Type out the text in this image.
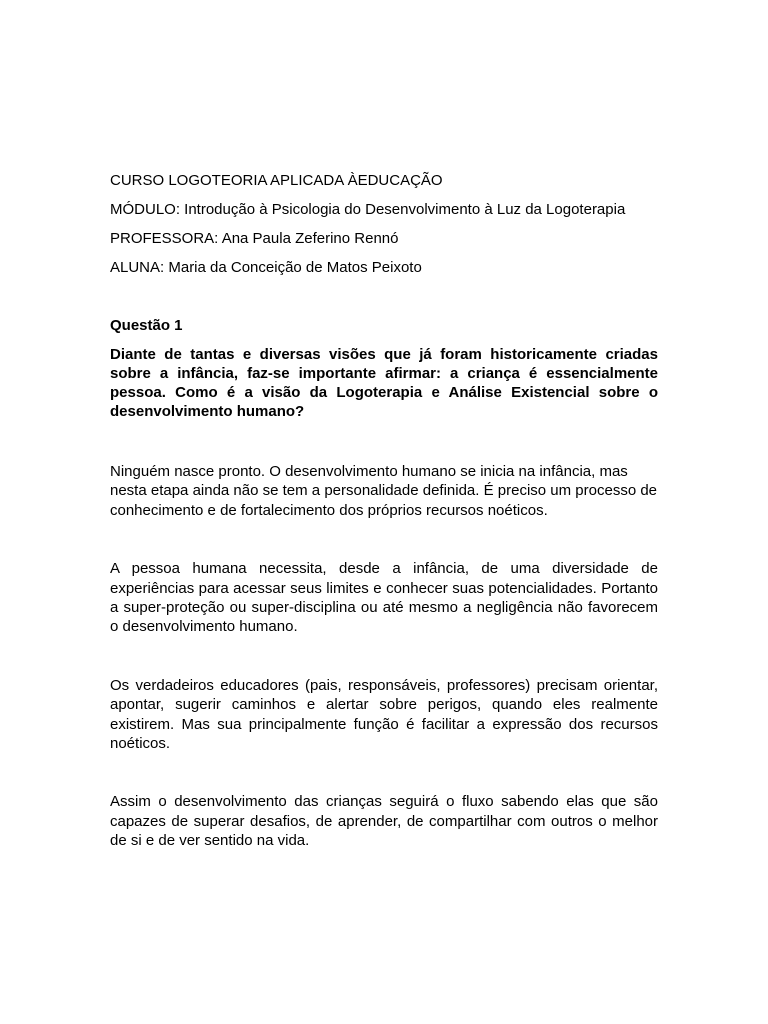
CURSO LOGOTEORIA APLICADA ÀEDUCAÇÃO
MÓDULO: Introdução à Psicologia do Desenvolvimento à Luz da Logoterapia
PROFESSORA: Ana Paula Zeferino Rennó
ALUNA: Maria da Conceição de Matos Peixoto
Questão 1
Diante de tantas e diversas visões que já foram historicamente criadas sobre a infância, faz-se importante afirmar: a criança é essencialmente pessoa. Como é a visão da Logoterapia e Análise Existencial sobre o desenvolvimento humano?

Ninguém nasce pronto. O desenvolvimento humano se inicia na infância, mas nesta etapa ainda não se tem a personalidade definida. É preciso um processo de conhecimento e de fortalecimento dos próprios recursos noéticos.

A pessoa humana necessita, desde a infância, de uma diversidade de experiências para acessar seus limites e conhecer suas potencialidades. Portanto a super-proteção ou super-disciplina ou até mesmo a negligência não favorecem o desenvolvimento humano.

Os verdadeiros educadores (pais, responsáveis, professores) precisam orientar, apontar, sugerir caminhos e alertar sobre perigos, quando eles realmente existirem. Mas sua principalmente função é facilitar a expressão dos recursos noéticos.

Assim o desenvolvimento das crianças seguirá o fluxo sabendo elas que são capazes de superar desafios, de aprender, de compartilhar com outros o melhor de si e de ver sentido na vida.
